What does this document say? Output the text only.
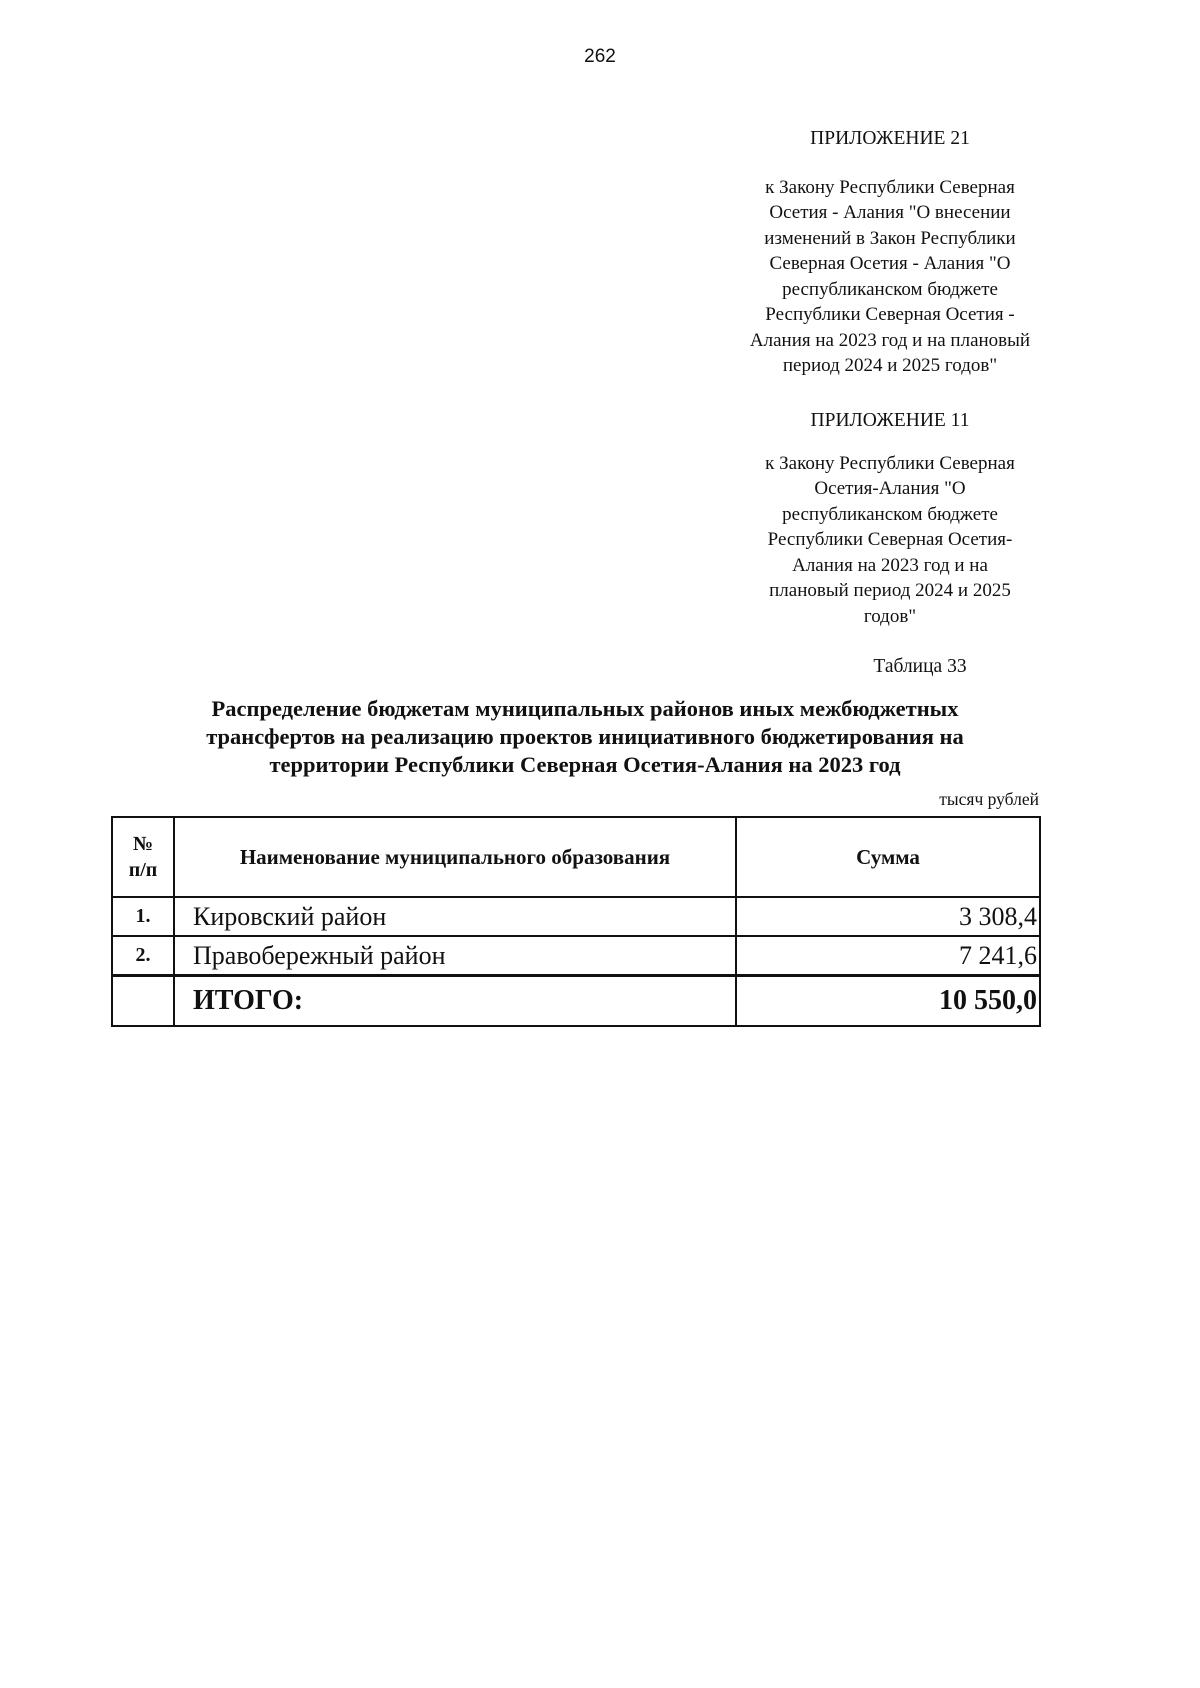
262
ПРИЛОЖЕНИЕ 21
к Закону Республики Северная
Осетия - Алания "О внесении
изменений в Закон Республики
Северная Осетия - Алания "О
республиканском бюджете
Республики Северная Осетия -
Алания на 2023 год и на плановый
период 2024 и 2025 годов"
ПРИЛОЖЕНИЕ 11
к Закону Республики Северная
Осетия-Алания "О
республиканском бюджете
Республики Северная Осетия-
Алания на 2023 год и на
плановый период 2024 и 2025
годов"
Таблица 33
Распределение бюджетам муниципальных районов иных межбюджетных
трансфертов на реализацию проектов инициативного бюджетирования на
территории Республики Северная Осетия-Алания на 2023 год
тысяч рублей
№
п/п	Наименование муниципального образования	Сумма
1.	Кировский район	3 308,4
2.	Правобережный район	7 241,6
	ИТОГО:	10 550,0
